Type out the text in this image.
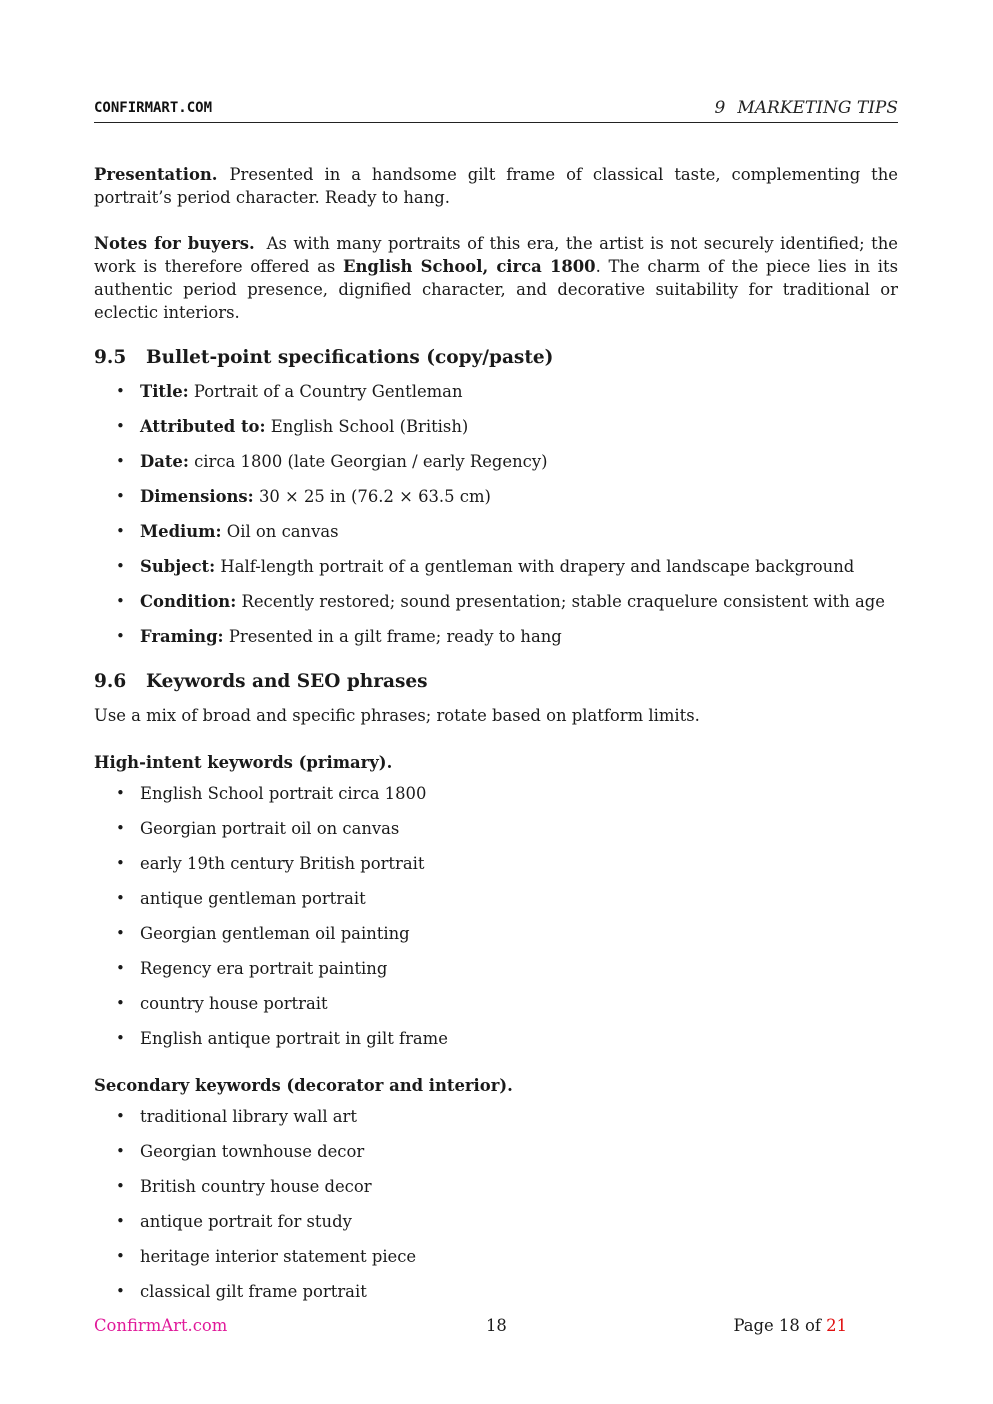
CONFIRMART.COM	9 MARKETING TIPS

Presentation. Presented in a handsome gilt frame of classical taste, complementing the portrait’s period character. Ready to hang.

Notes for buyers. As with many portraits of this era, the artist is not securely identified; the work is therefore offered as English School, circa 1800. The charm of the piece lies in its authentic period presence, dignified character, and decorative suitability for traditional or eclectic interiors.

9.5 Bullet-point specifications (copy/paste)
• Title: Portrait of a Country Gentleman
• Attributed to: English School (British)
• Date: circa 1800 (late Georgian / early Regency)
• Dimensions: 30 × 25 in (76.2 × 63.5 cm)
• Medium: Oil on canvas
• Subject: Half-length portrait of a gentleman with drapery and landscape background
• Condition: Recently restored; sound presentation; stable craquelure consistent with age
• Framing: Presented in a gilt frame; ready to hang
9.6 Keywords and SEO phrases

Use a mix of broad and specific phrases; rotate based on platform limits.

High-intent keywords (primary).

• English School portrait circa 1800
• Georgian portrait oil on canvas
• early 19th century British portrait
• antique gentleman portrait
• Georgian gentleman oil painting
• Regency era portrait painting
• country house portrait
• English antique portrait in gilt frame

Secondary keywords (decorator and interior).

• traditional library wall art
• Georgian townhouse decor
• British country house decor
• antique portrait for study
• heritage interior statement piece
• classical gilt frame portrait
ConfirmArt.com	18	Page 18 of 21
